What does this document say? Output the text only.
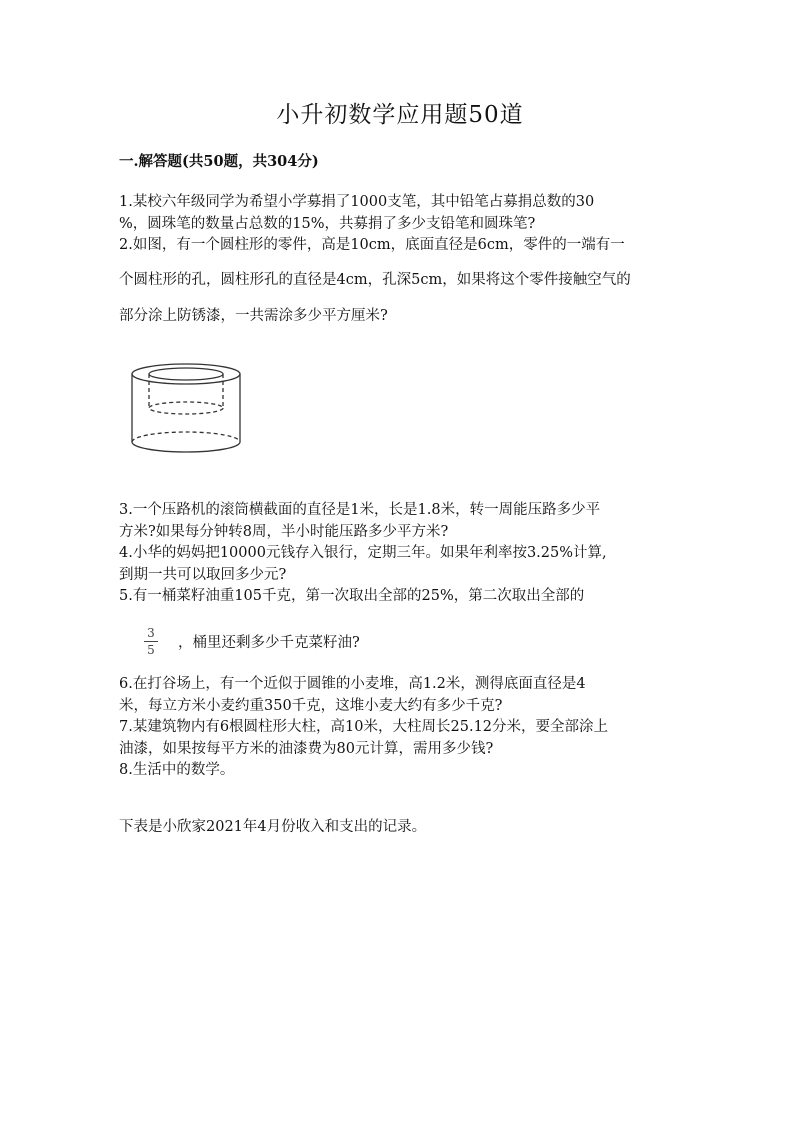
小升初数学应用题50道
一.解答题(共50题，共304分)
1.某校六年级同学为希望小学募捐了1000支笔，其中铅笔占募捐总数的30
%，圆珠笔的数量占总数的15%，共募捐了多少支铅笔和圆珠笔?
2.如图，有一个圆柱形的零件，高是10cm，底面直径是6cm，零件的一端有一
个圆柱形的孔，圆柱形孔的直径是4cm，孔深5cm，如果将这个零件接触空气的
部分涂上防锈漆，一共需涂多少平方厘米?
3.一个压路机的滚筒横截面的直径是1米，长是1.8米，转一周能压路多少平
方米?如果每分钟转8周，半小时能压路多少平方米?
4.小华的妈妈把10000元钱存入银行，定期三年。如果年利率按3.25%计算,
到期一共可以取回多少元?
5.有一桶菜籽油重105千克，第一次取出全部的25%，第二次取出全部的
3
5 ，桶里还剩多少千克菜籽油?
6.在打谷场上，有一个近似于圆锥的小麦堆，高1.2米，测得底面直径是4
米，每立方米小麦约重350千克，这堆小麦大约有多少千克?
7.某建筑物内有6根圆柱形大柱，高10米，大柱周长25.12分米，要全部涂上
油漆，如果按每平方米的油漆费为80元计算，需用多少钱?
8.生活中的数学。
下表是小欣家2021年4月份收入和支出的记录。
